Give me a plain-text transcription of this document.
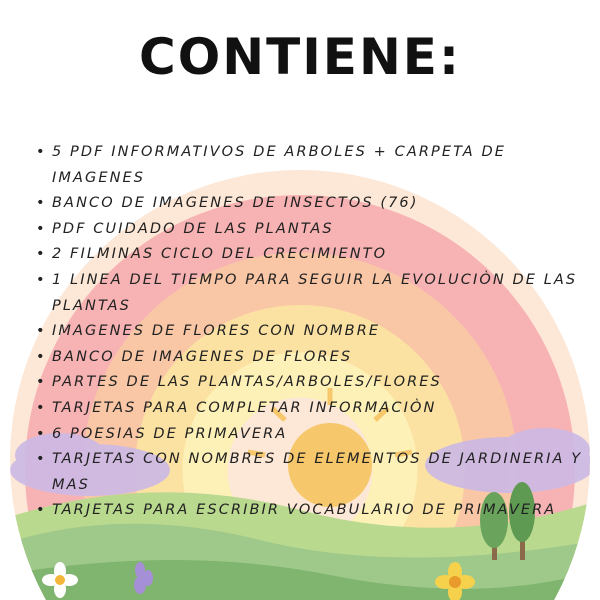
CONTIENE:
• 5 PDF INFORMATIVOS DE ARBOLES + CARPETA DE IMAGENES
• BANCO DE IMAGENES DE INSECTOS (76)
• PDF CUIDADO DE LAS PLANTAS
• 2 FILMINAS CICLO DEL CRECIMIENTO
• 1 LINEA DEL TIEMPO PARA SEGUIR LA EVOLUCIÒN DE LAS PLANTAS
• IMAGENES DE FLORES CON NOMBRE
• BANCO DE IMAGENES DE FLORES
• PARTES DE LAS PLANTAS/ARBOLES/FLORES
• TARJETAS PARA COMPLETAR INFORMACIÒN
• 6 POESIAS DE PRIMAVERA
• TARJETAS CON NOMBRES DE ELEMENTOS DE JARDINERIA Y MAS
• TARJETAS PARA ESCRIBIR VOCABULARIO DE PRIMAVERA
